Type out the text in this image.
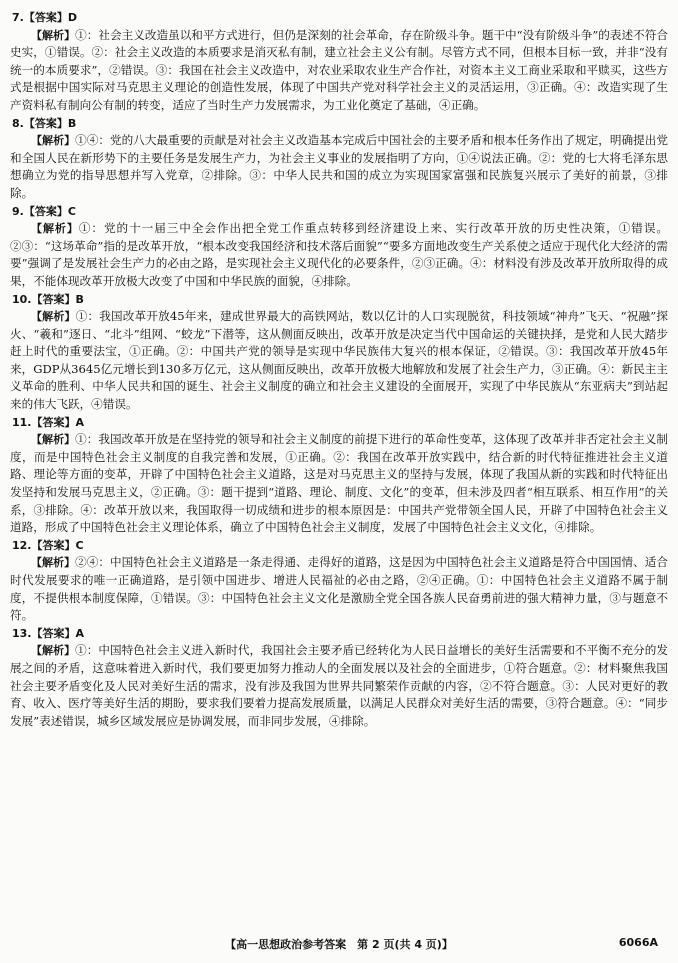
7.【答案】D

【解析】①：社会主义改造虽以和平方式进行，但仍是深刻的社会革命，存在阶级斗争。题干中“没有阶级斗争”的表述不符合史实，①错误。②：社会主义改造的本质要求是消灭私有制，建立社会主义公有制。尽管方式不同，但根本目标一致，并非“没有统一的本质要求”，②错误。③：我国在社会主义改造中，对农业采取农业生产合作社，对资本主义工商业采取和平赎买，这些方式是根据中国实际对马克思主义理论的创造性发展，体现了中国共产党对科学社会主义的灵活运用，③正确。④：改造实现了生产资料私有制向公有制的转变，适应了当时生产力发展需求，为工业化奠定了基础，④正确。

8.【答案】B

【解析】①④：党的八大最重要的贡献是对社会主义改造基本完成后中国社会的主要矛盾和根本任务作出了规定，明确提出党和全国人民在新形势下的主要任务是发展生产力，为社会主义事业的发展指明了方向，①④说法正确。②：党的七大将毛泽东思想确立为党的指导思想并写入党章，②排除。③：中华人民共和国的成立为实现国家富强和民族复兴展示了美好的前景，③排除。

9.【答案】C

【解析】①：党的十一届三中全会作出把全党工作重点转移到经济建设上来、实行改革开放的历史性决策，①错误。②③：“这场革命”指的是改革开放，“根本改变我国经济和技术落后面貌”“要多方面地改变生产关系使之适应于现代化大经济的需要”强调了是发展社会生产力的必由之路，是实现社会主义现代化的必要条件，②③正确。④：材料没有涉及改革开放所取得的成果，不能体现改革开放极大改变了中国和中华民族的面貌，④排除。

10.【答案】B

【解析】①：我国改革开放45年来，建成世界最大的高铁网站，数以亿计的人口实现脱贫，科技领域“神舟”飞天、“祝融”探火、“羲和”逐日、“北斗”组网、“蛟龙”下潜等，这从侧面反映出，改革开放是决定当代中国命运的关键抉择，是党和人民大踏步赶上时代的重要法宝，①正确。②：中国共产党的领导是实现中华民族伟大复兴的根本保证，②错误。③：我国改革开放45年来，GDP从3645亿元增长到130多万亿元，这从侧面反映出，改革开放极大地解放和发展了社会生产力，③正确。④：新民主主义革命的胜利、中华人民共和国的诞生、社会主义制度的确立和社会主义建设的全面展开，实现了中华民族从“东亚病夫”到站起来的伟大飞跃，④错误。

11.【答案】A

【解析】①：我国改革开放是在坚持党的领导和社会主义制度的前提下进行的革命性变革，这体现了改革并非否定社会主义制度，而是中国特色社会主义制度的自我完善和发展，①正确。②：我国在改革开放实践中，结合新的时代特征推进社会主义道路、理论等方面的变革，开辟了中国特色社会主义道路，这是对马克思主义的坚持与发展，体现了我国从新的实践和时代特征出发坚持和发展马克思主义，②正确。③：题干提到“道路、理论、制度、文化”的变革，但未涉及四者“相互联系、相互作用”的关系，③排除。④：改革开放以来，我国取得一切成绩和进步的根本原因是：中国共产党带领全国人民，开辟了中国特色社会主义道路，形成了中国特色社会主义理论体系，确立了中国特色社会主义制度，发展了中国特色社会主义文化，④排除。

12.【答案】C

【解析】②④：中国特色社会主义道路是一条走得通、走得好的道路，这是因为中国特色社会主义道路是符合中国国情、适合时代发展要求的唯一正确道路，是引领中国进步、增进人民福祉的必由之路，②④正确。①：中国特色社会主义道路不属于制度，不提供根本制度保障，①错误。③：中国特色社会主义文化是激励全党全国各族人民奋勇前进的强大精神力量，③与题意不符。

13.【答案】A

【解析】①：中国特色社会主义进入新时代，我国社会主要矛盾已经转化为人民日益增长的美好生活需要和不平衡不充分的发展之间的矛盾，这意味着进入新时代，我们要更加努力推动人的全面发展以及社会的全面进步，①符合题意。②：材料聚焦我国社会主要矛盾变化及人民对美好生活的需求，没有涉及我国为世界共同繁荣作贡献的内容，②不符合题意。③：人民对更好的教育、收入、医疗等美好生活的期盼，要求我们要着力提高发展质量，以满足人民群众对美好生活的需要，③符合题意。④：“同步发展”表述错误，城乡区域发展应是协调发展，而非同步发展，④排除。

【高一思想政治参考答案　第 2 页(共 4 页)】	6066A
